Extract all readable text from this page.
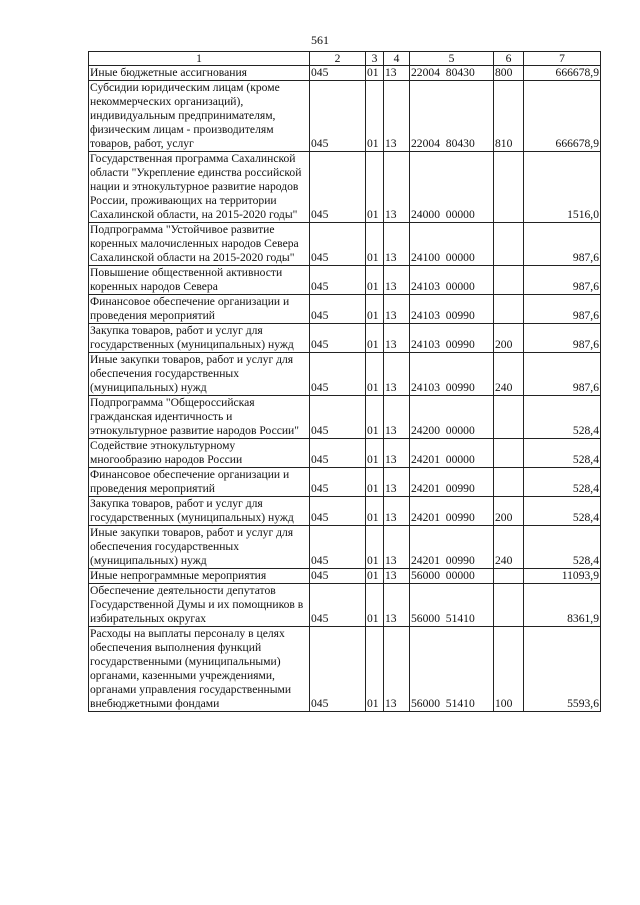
561
1	2	3	4	5	6	7
Иные бюджетные ассигнования	045	01	13	22004  80430	800	666678,9
Субсидии юридическим лицам (кроме некоммерческих организаций), индивидуальным предпринимателям, физическим лицам - производителям товаров, работ, услуг	045	01	13	22004  80430	810	666678,9
Государственная программа Сахалинской области "Укрепление единства российской нации и этнокультурное развитие народов России, проживающих на территории Сахалинской области, на 2015-2020 годы"	045	01	13	24000  00000		1516,0
Подпрограмма "Устойчивое развитие коренных малочисленных народов Севера Сахалинской области на 2015-2020 годы"	045	01	13	24100  00000		987,6
Повышение общественной активности коренных народов Севера	045	01	13	24103  00000		987,6
Финансовое обеспечение организации и проведения мероприятий	045	01	13	24103  00990		987,6
Закупка товаров, работ и услуг для государственных (муниципальных) нужд	045	01	13	24103  00990	200	987,6
Иные закупки товаров, работ и услуг для обеспечения государственных (муниципальных) нужд	045	01	13	24103  00990	240	987,6
Подпрограмма "Общероссийская гражданская идентичность и этнокультурное развитие народов России"	045	01	13	24200  00000		528,4
Содействие этнокультурному многообразию народов России	045	01	13	24201  00000		528,4
Финансовое обеспечение организации и проведения мероприятий	045	01	13	24201  00990		528,4
Закупка товаров, работ и услуг для государственных (муниципальных) нужд	045	01	13	24201  00990	200	528,4
Иные закупки товаров, работ и услуг для обеспечения государственных (муниципальных) нужд	045	01	13	24201  00990	240	528,4
Иные непрограммные мероприятия	045	01	13	56000  00000		11093,9
Обеспечение деятельности депутатов Государственной Думы и их помощников в избирательных округах	045	01	13	56000  51410		8361,9
Расходы на выплаты персоналу в целях обеспечения выполнения функций государственными (муниципальными) органами, казенными учреждениями, органами управления государственными внебюджетными фондами	045	01	13	56000  51410	100	5593,6
